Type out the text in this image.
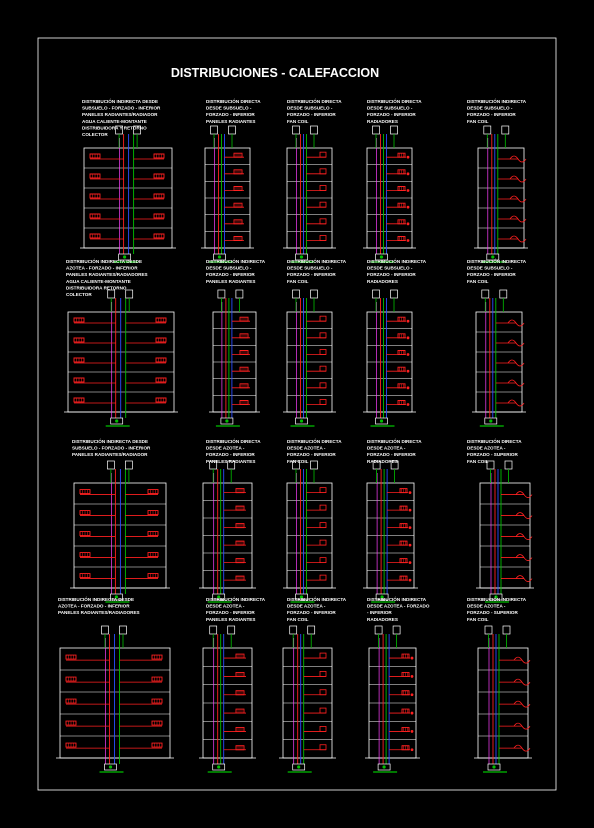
DISTRIBUCIONES - CALEFACCION
DISTRIBUCIÓN INDIRECTA DESDE
SUBSUELO - FORZADO - INFERIOR
PANELES RADIANTES/RADIADOR
AGUA CALIENTE-MONTANTE
DISTRIBUIDORA Y RETORNO
COLECTOR
DISTRIBUCIÓN DIRECTA
DESDE SUBSUELO -
FORZADO - INFERIOR
PANELES RADIANTES
DISTRIBUCIÓN DIRECTA
DESDE SUBSUELO -
FORZADO - INFERIOR
FAN COIL
DISTRIBUCIÓN DIRECTA
DESDE SUBSUELO -
FORZADO - INFERIOR
RADIADORES
DISTRIBUCIÓN INDIRECTA
DESDE SUBSUELO -
FORZADO - INFERIOR
FAN COIL
DISTRIBUCIÓN INDIRECTA DESDE
AZOTEA - FORZADO - INFERIOR
PANELES RADIANTES/RADIADORES
AGUA CALIENTE-MONTANTE
DISTRIBUIDORA RETORNO
COLECTOR
DISTRIBUCIÓN INDIRECTA
DESDE SUBSUELO -
FORZADO - INFERIOR
PANELES RADIANTES
DISTRIBUCIÓN INDIRECTA
DESDE SUBSUELO -
FORZADO - INFERIOR
FAN COIL
DISTRIBUCIÓN INDIRECTA
DESDE SUBSUELO -
FORZADO - INFERIOR
RADIADORES
DISTRIBUCIÓN INDIRECTA
DESDE SUBSUELO -
FORZADO - INFERIOR
FAN COIL
DISTRIBUCIÓN INDIRECTA DESDE
SUBSUELO - FORZADO - INFERIOR
PANELES RADIANTES/RADIADOR
DISTRIBUCIÓN DIRECTA
DESDE AZOTEA -
FORZADO - INFERIOR
PANELES RADIANTES
DISTRIBUCIÓN DIRECTA
DESDE AZOTEA -
FORZADO - INFERIOR
FAN COIL
DISTRIBUCIÓN DIRECTA
DESDE AZOTEA -
FORZADO - INFERIOR
RADIADORES
DISTRIBUCIÓN DIRECTA
DESDE AZOTEA -
FORZADO - SUPERIOR
FAN COIL
DISTRIBUCIÓN INDIRECTA DESDE
AZOTEA - FORZADO - INFERIOR
PANELES RADIANTES/RADIADORES
DISTRIBUCIÓN INDIRECTA
DESDE AZOTEA -
FORZADO - INFERIOR
PANELES RADIANTES
DISTRIBUCIÓN INDIRECTA
DESDE AZOTEA -
FORZADO - INFERIOR
FAN COIL
DISTRIBUCIÓN INDIRECTA
DESDE AZOTEA - FORZADO
- INFERIOR
RADIADORES
DISTRIBUCIÓN INDIRECTA
DESDE AZOTEA -
FORZADO - SUPERIOR
FAN COIL
